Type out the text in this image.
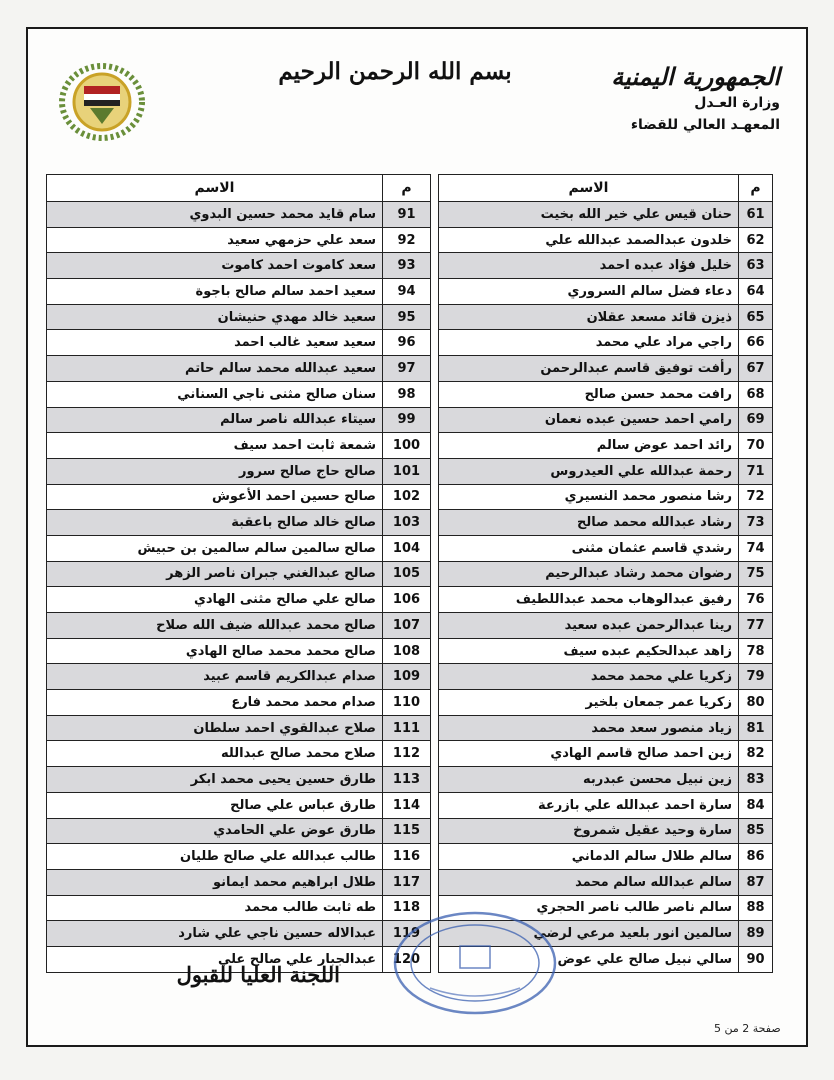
بسم الله الرحمن الرحيم	الجمهورية اليمنية
وزارة العـدل
المعهـد العالي للقضاء
م	الاسم		م	الاسم
61	حنان قيس علي خير الله بخيت		91	سام قايد محمد حسين البدوي
62	خلدون عبدالصمد عبدالله علي		92	سعد علي حزمهي سعيد
63	خليل فؤاد عبده احمد		93	سعد كاموت احمد كاموت
64	دعاء فضل سالم السروري		94	سعيد احمد سالم صالح باجوة
65	ذيزن قائد مسعد عقلان		95	سعيد خالد مهدي حنيشان
66	راجي مراد علي محمد		96	سعيد سعيد غالب احمد
67	رأفت توفيق قاسم عبدالرحمن		97	سعيد عبدالله محمد سالم حاتم
68	رافت محمد حسن صالح		98	سنان صالح مثنى ناجي السناني
69	رامي احمد حسين عبده نعمان		99	سيتاء عبدالله ناصر سالم
70	رائد احمد عوض سالم		100	شمعة ثابت احمد سيف
71	رحمة عبدالله علي العيدروس		101	صالح حاج صالح سرور
72	رشا منصور محمد النسيري		102	صالح حسين احمد الأعوش
73	رشاد عبدالله محمد صالح		103	صالح خالد صالح باعقبة
74	رشدي قاسم عثمان مثنى		104	صالح سالمين سالم سالمين بن حبيش
75	رضوان محمد رشاد عبدالرحيم		105	صالح عبدالغني جبران ناصر الزهر
76	رفيق عبدالوهاب محمد عبداللطيف		106	صالح علي صالح مثنى الهادي
77	رينا عبدالرحمن عبده سعيد		107	صالح محمد عبدالله ضيف الله صلاح
78	زاهد عبدالحكيم عبده سيف		108	صالح محمد محمد صالح الهادي
79	زكريا علي محمد محمد		109	صدام عبدالكريم قاسم عبيد
80	زكريا عمر جمعان بلخير		110	صدام محمد محمد فارع
81	زياد منصور سعد محمد		111	صلاح عبدالقوي احمد سلطان
82	زين احمد صالح قاسم الهادي		112	صلاح محمد صالح عبدالله
83	زين نبيل محسن عبدربه		113	طارق حسين يحيى محمد ابكر
84	سارة احمد عبدالله علي بازرعة		114	طارق عباس علي صالح
85	سارة وحيد عقيل شمروخ		115	طارق عوض علي الحامدي
86	سالم طلال سالم الدماني		116	طالب عبدالله علي صالح طليان
87	سالم عبدالله سالم محمد		117	طلال ابراهيم محمد ايمانو
88	سالم ناصر طالب ناصر الحجري		118	طه ثابت طالب محمد
89	سالمين انور بلعيد مرعي لرضي		119	عبدالاله حسين ناجي علي شارد
90	سالي نبيل صالح علي عوض		120	عبدالجبار علي صالح علي
اللجنة العليا للقبول
صفحة 2 من 5
